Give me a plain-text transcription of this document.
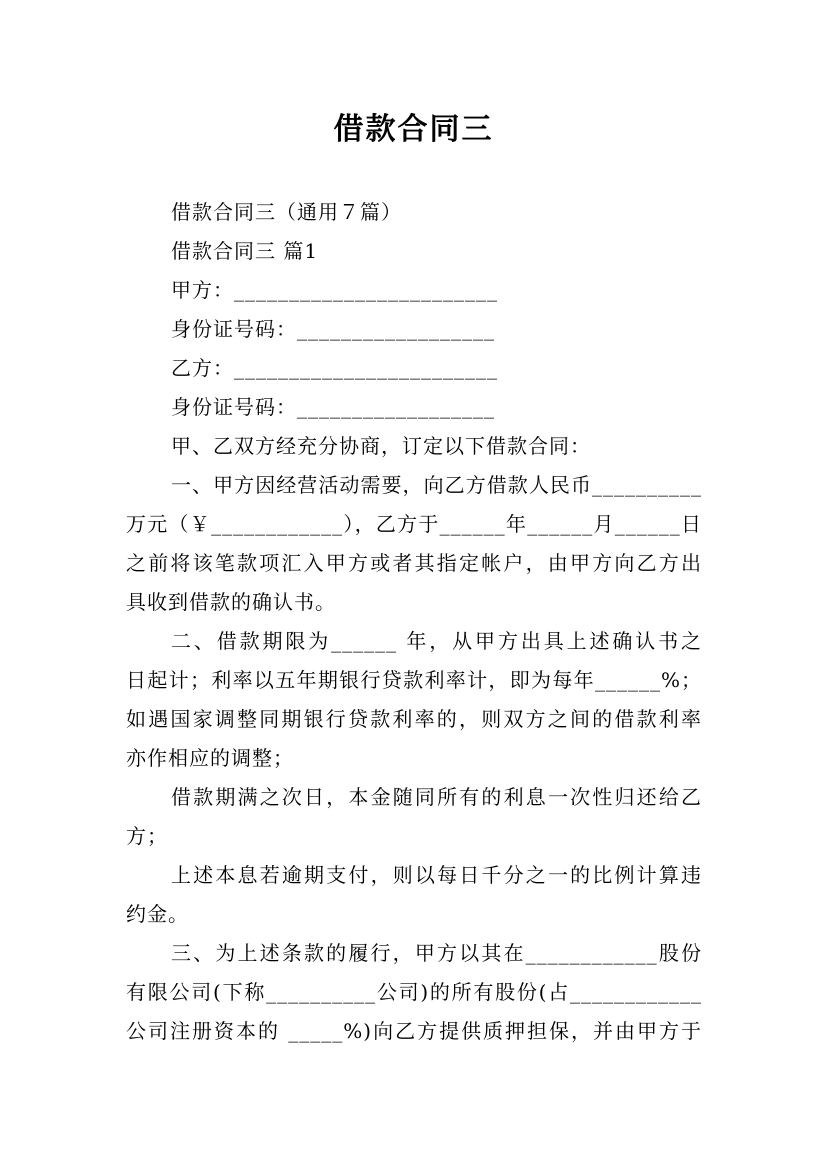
借款合同三
借款合同三（通用７篇）
借款合同三 篇1
甲方：________________________
身份证号码：__________________
乙方：________________________
身份证号码：__________________
甲、乙双方经充分协商，订定以下借款合同：
一、甲方因经营活动需要，向乙方借款人民币__________
万元（￥____________），乙方于______年______月______日
之前将该笔款项汇入甲方或者其指定帐户，由甲方向乙方出
具收到借款的确认书。
二、借款期限为______ 年，从甲方出具上述确认书之
日起计；利率以五年期银行贷款利率计，即为每年______%；
如遇国家调整同期银行贷款利率的，则双方之间的借款利率
亦作相应的调整；
借款期满之次日，本金随同所有的利息一次性归还给乙
方；
上述本息若逾期支付，则以每日千分之一的比例计算违
约金。
三、为上述条款的履行，甲方以其在____________股份
有限公司(下称__________公司)的所有股份(占____________
公司注册资本的 _____%)向乙方提供质押担保，并由甲方于
